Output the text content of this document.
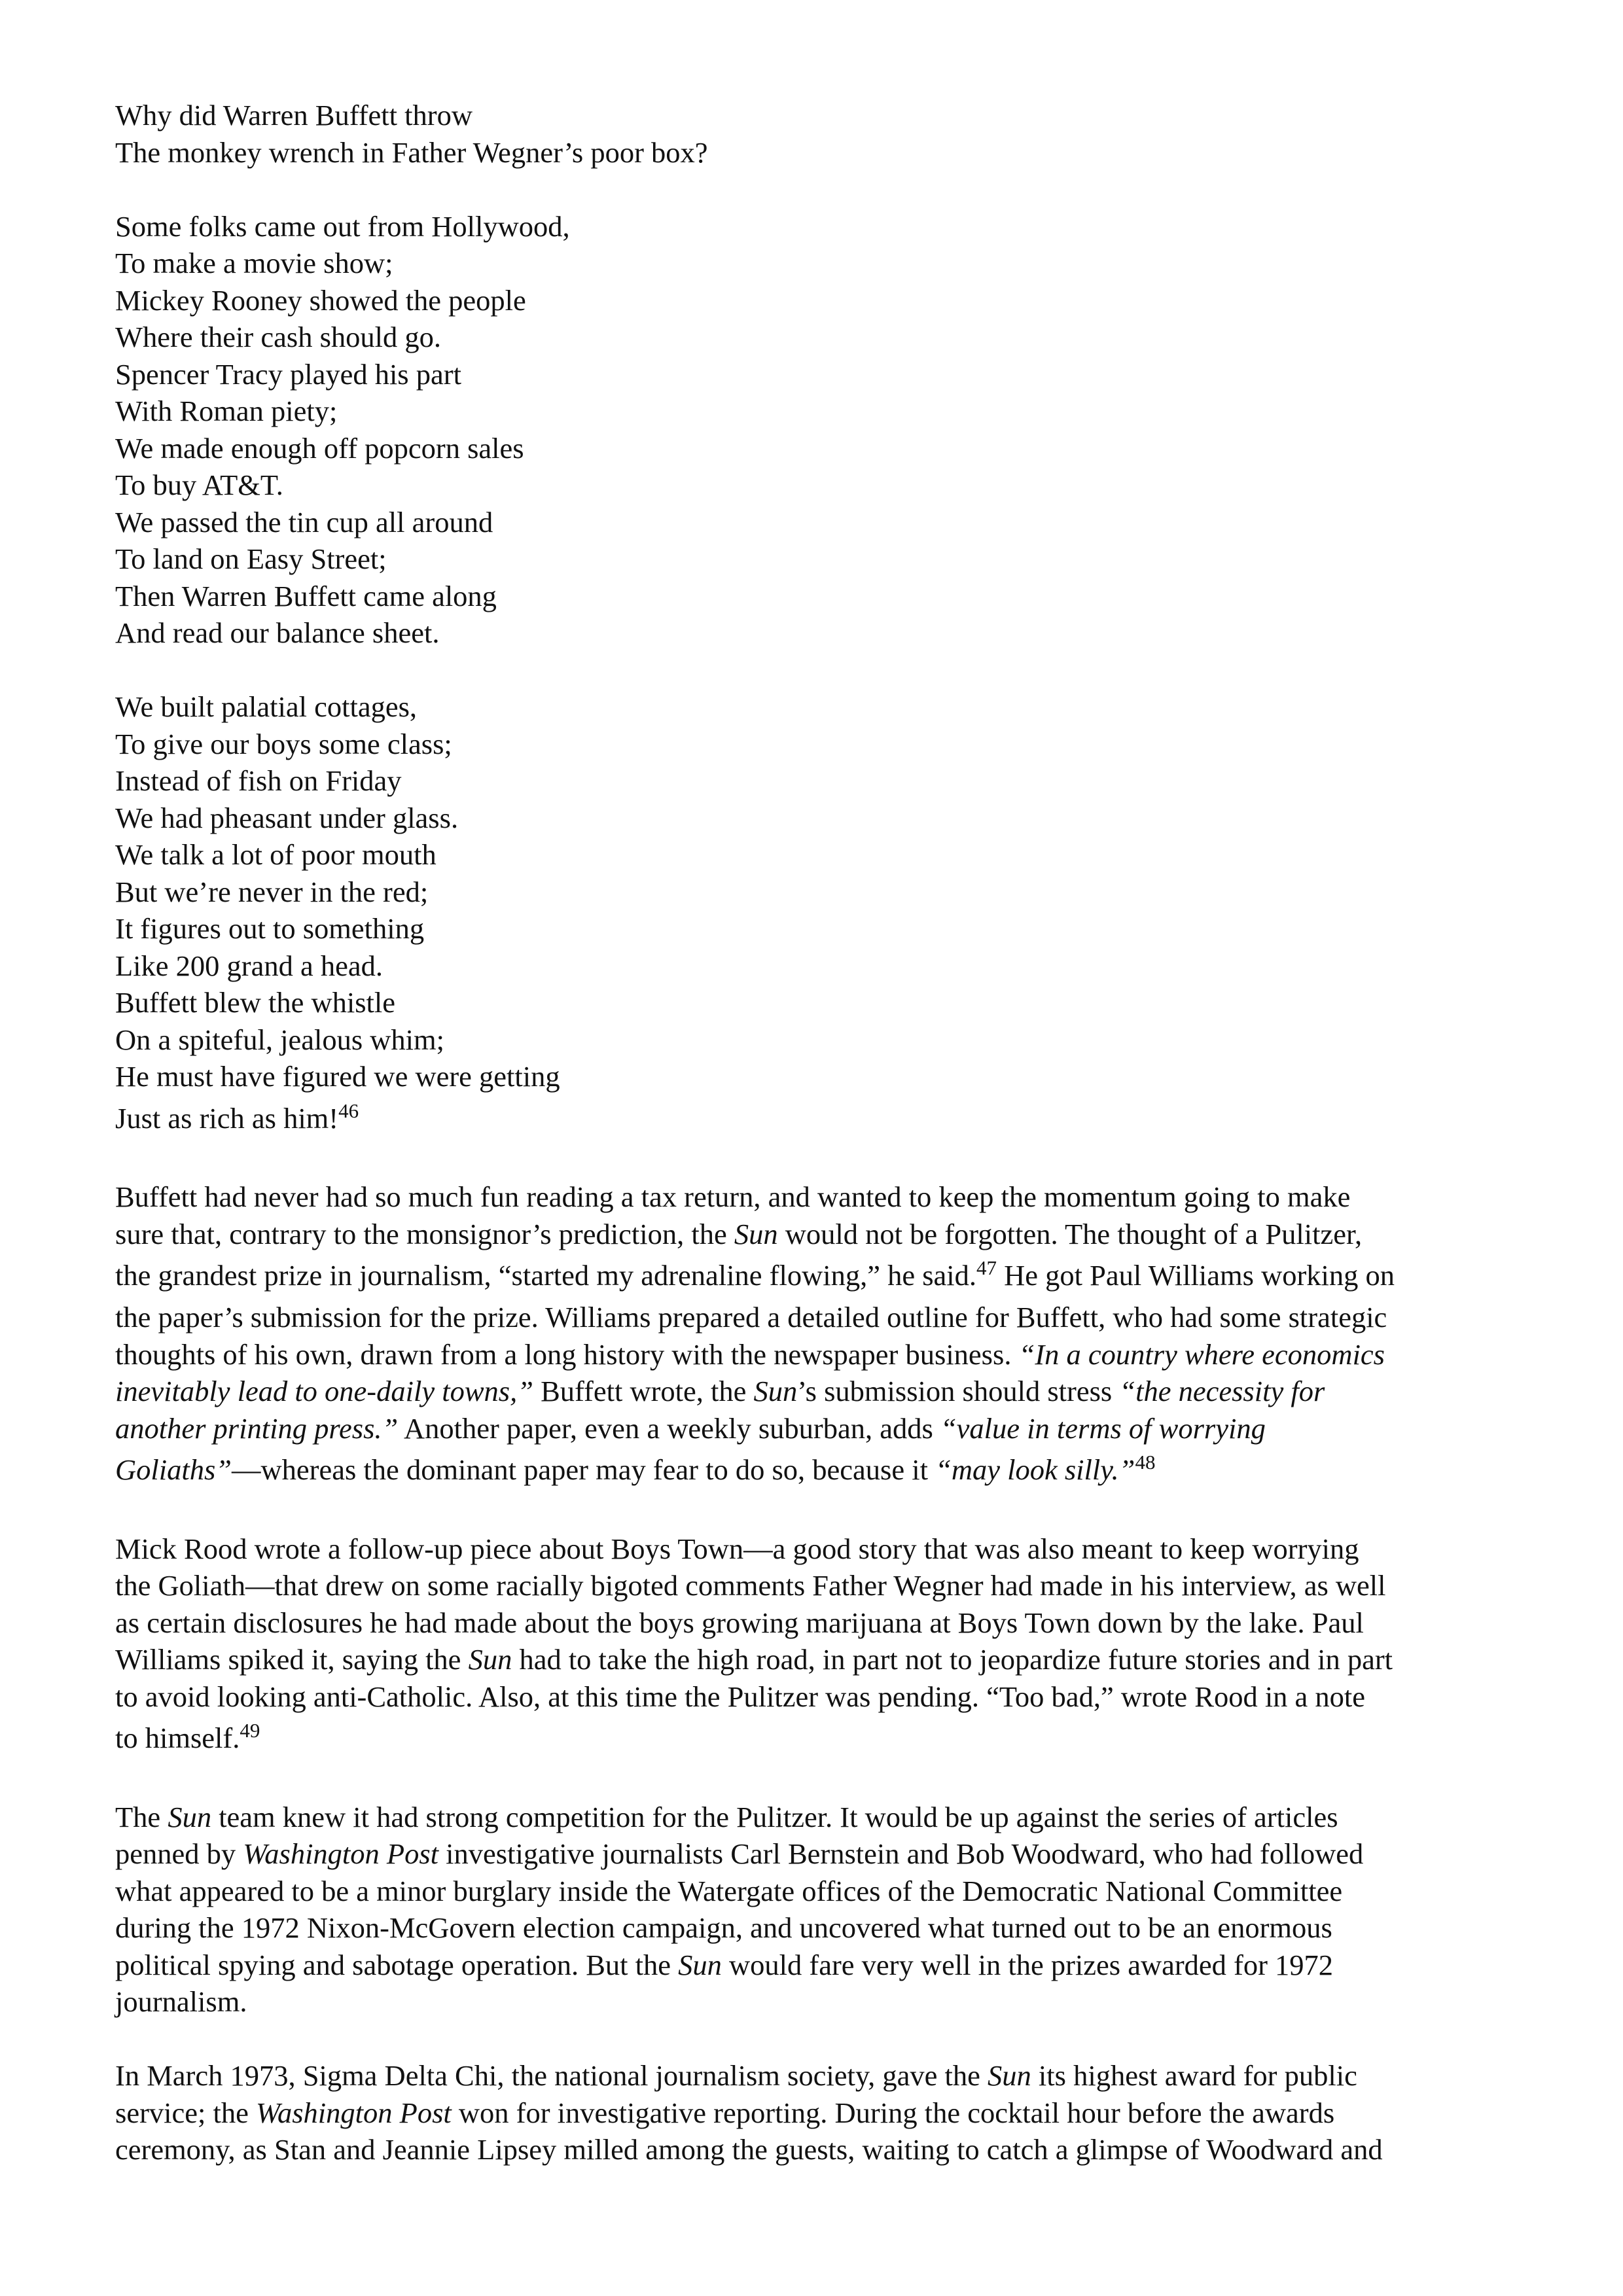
Why did Warren Buffett throw
The monkey wrench in Father Wegner’s poor box?
Some folks came out from Hollywood,
To make a movie show;
Mickey Rooney showed the people
Where their cash should go.
Spencer Tracy played his part
With Roman piety;
We made enough off popcorn sales
To buy AT&T.
We passed the tin cup all around
To land on Easy Street;
Then Warren Buffett came along
And read our balance sheet.
We built palatial cottages,
To give our boys some class;
Instead of fish on Friday
We had pheasant under glass.
We talk a lot of poor mouth
But we’re never in the red;
It figures out to something
Like 200 grand a head.
Buffett blew the whistle
On a spiteful, jealous whim;
He must have figured we were getting
Just as rich as him!$^{46}$
Buffett had never had so much fun reading a tax return, and wanted to keep the momentum going to make
sure that, contrary to the monsignor’s prediction, the Sun would not be forgotten. The thought of a Pulitzer,
the grandest prize in journalism, “started my adrenaline flowing,” he said.$^{47}$ He got Paul Williams working on
the paper’s submission for the prize. Williams prepared a detailed outline for Buffett, who had some strategic
thoughts of his own, drawn from a long history with the newspaper business. “In a country where economics
inevitably lead to one-daily towns,” Buffett wrote, the Sun’s submission should stress “the necessity for
another printing press.” Another paper, even a weekly suburban, adds “value in terms of worrying
Goliaths”—whereas the dominant paper may fear to do so, because it “may look silly.”$^{48}$
Mick Rood wrote a follow-up piece about Boys Town—a good story that was also meant to keep worrying
the Goliath—that drew on some racially bigoted comments Father Wegner had made in his interview, as well
as certain disclosures he had made about the boys growing marijuana at Boys Town down by the lake. Paul
Williams spiked it, saying the Sun had to take the high road, in part not to jeopardize future stories and in part
to avoid looking anti-Catholic. Also, at this time the Pulitzer was pending. “Too bad,” wrote Rood in a note
to himself.$^{49}$
The Sun team knew it had strong competition for the Pulitzer. It would be up against the series of articles
penned by Washington Post investigative journalists Carl Bernstein and Bob Woodward, who had followed
what appeared to be a minor burglary inside the Watergate offices of the Democratic National Committee
during the 1972 Nixon-McGovern election campaign, and uncovered what turned out to be an enormous
political spying and sabotage operation. But the Sun would fare very well in the prizes awarded for 1972
journalism.
In March 1973, Sigma Delta Chi, the national journalism society, gave the Sun its highest award for public
service; the Washington Post won for investigative reporting. During the cocktail hour before the awards
ceremony, as Stan and Jeannie Lipsey milled among the guests, waiting to catch a glimpse of Woodward and
